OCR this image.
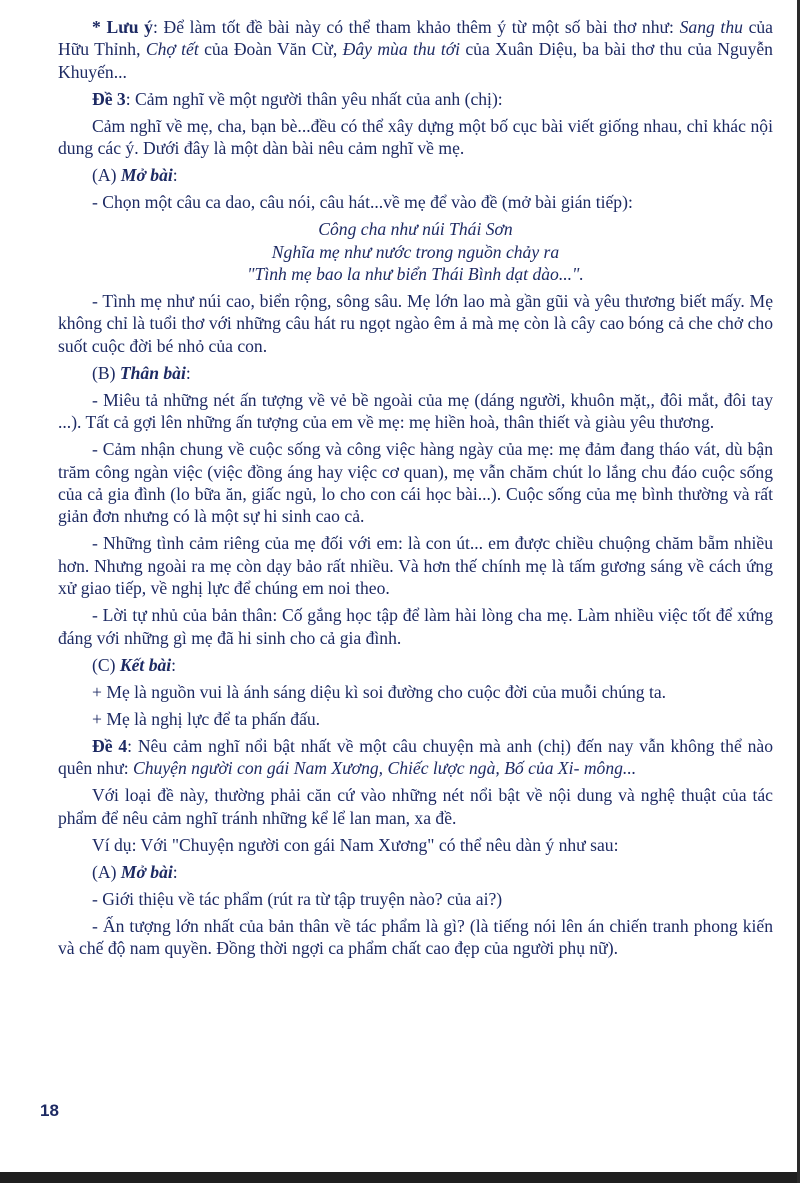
* Lưu ý: Để làm tốt đề bài này có thể tham khảo thêm ý từ một số bài thơ như: Sang thu của Hữu Thỉnh, Chợ tết của Đoàn Văn Cừ, Đây mùa thu tới của Xuân Diệu, ba bài thơ thu của Nguyễn Khuyến...

Đề 3: Cảm nghĩ về một người thân yêu nhất của anh (chị):

Cảm nghĩ về mẹ, cha, bạn bè...đều có thể xây dựng một bố cục bài viết giống nhau, chỉ khác nội dung các ý. Dưới đây là một dàn bài nêu cảm nghĩ về mẹ.

(A) Mở bài:

- Chọn một câu ca dao, câu nói, câu hát...về mẹ để vào đề (mở bài gián tiếp):

Công cha như núi Thái Sơn
Nghĩa mẹ như nước trong nguồn chảy ra
"Tình mẹ bao la như biển Thái Bình dạt dào...".

- Tình mẹ như núi cao, biển rộng, sông sâu. Mẹ lớn lao mà gần gũi và yêu thương biết mấy. Mẹ không chỉ là tuổi thơ với những câu hát ru ngọt ngào êm ả mà mẹ còn là cây cao bóng cả che chở cho suốt cuộc đời bé nhỏ của con.

(B) Thân bài:

- Miêu tả những nét ấn tượng về vẻ bề ngoài của mẹ (dáng người, khuôn mặt,, đôi mắt, đôi tay ...). Tất cả gợi lên những ấn tượng của em về mẹ: mẹ hiền hoà, thân thiết và giàu yêu thương.

- Cảm nhận chung về cuộc sống và công việc hàng ngày của mẹ: mẹ đảm đang tháo vát, dù bận trăm công ngàn việc (việc đồng áng hay việc cơ quan), mẹ vẫn chăm chút lo lắng chu đáo cuộc sống của cả gia đình (lo bữa ăn, giấc ngủ, lo cho con cái học bài...). Cuộc sống của mẹ bình thường và rất giản đơn nhưng có là một sự hi sinh cao cả.

- Những tình cảm riêng của mẹ đối với em: là con út... em được chiều chuộng chăm bẵm nhiều hơn. Nhưng ngoài ra mẹ còn dạy bảo rất nhiều. Và hơn thế chính mẹ là tấm gương sáng về cách ứng xử giao tiếp, về nghị lực để chúng em noi theo.

- Lời tự nhủ của bản thân: Cố gắng học tập để làm hài lòng cha mẹ. Làm nhiều việc tốt để xứng đáng với những gì mẹ đã hi sinh cho cả gia đình.

(C) Kết bài:

+ Mẹ là nguồn vui là ánh sáng diệu kì soi đường cho cuộc đời của muỗi chúng ta.

+ Mẹ là nghị lực để ta phấn đấu.

Đề 4: Nêu cảm nghĩ nổi bật nhất về một câu chuyện mà anh (chị) đến nay vẫn không thể nào quên như: Chuyện người con gái Nam Xương, Chiếc lược ngà, Bố của Xi- mông...

Với loại đề này, thường phải căn cứ vào những nét nổi bật về nội dung và nghệ thuật của tác phẩm để nêu cảm nghĩ tránh những kể lể lan man, xa đề.

Ví dụ: Với "Chuyện người con gái Nam Xương" có thể nêu dàn ý như sau:

(A) Mở bài:

- Giới thiệu về tác phẩm (rút ra từ tập truyện nào? của ai?)

- Ấn tượng lớn nhất của bản thân về tác phẩm là gì? (là tiếng nói lên án chiến tranh phong kiến và chế độ nam quyền. Đồng thời ngợi ca phẩm chất cao đẹp của người phụ nữ).

18
